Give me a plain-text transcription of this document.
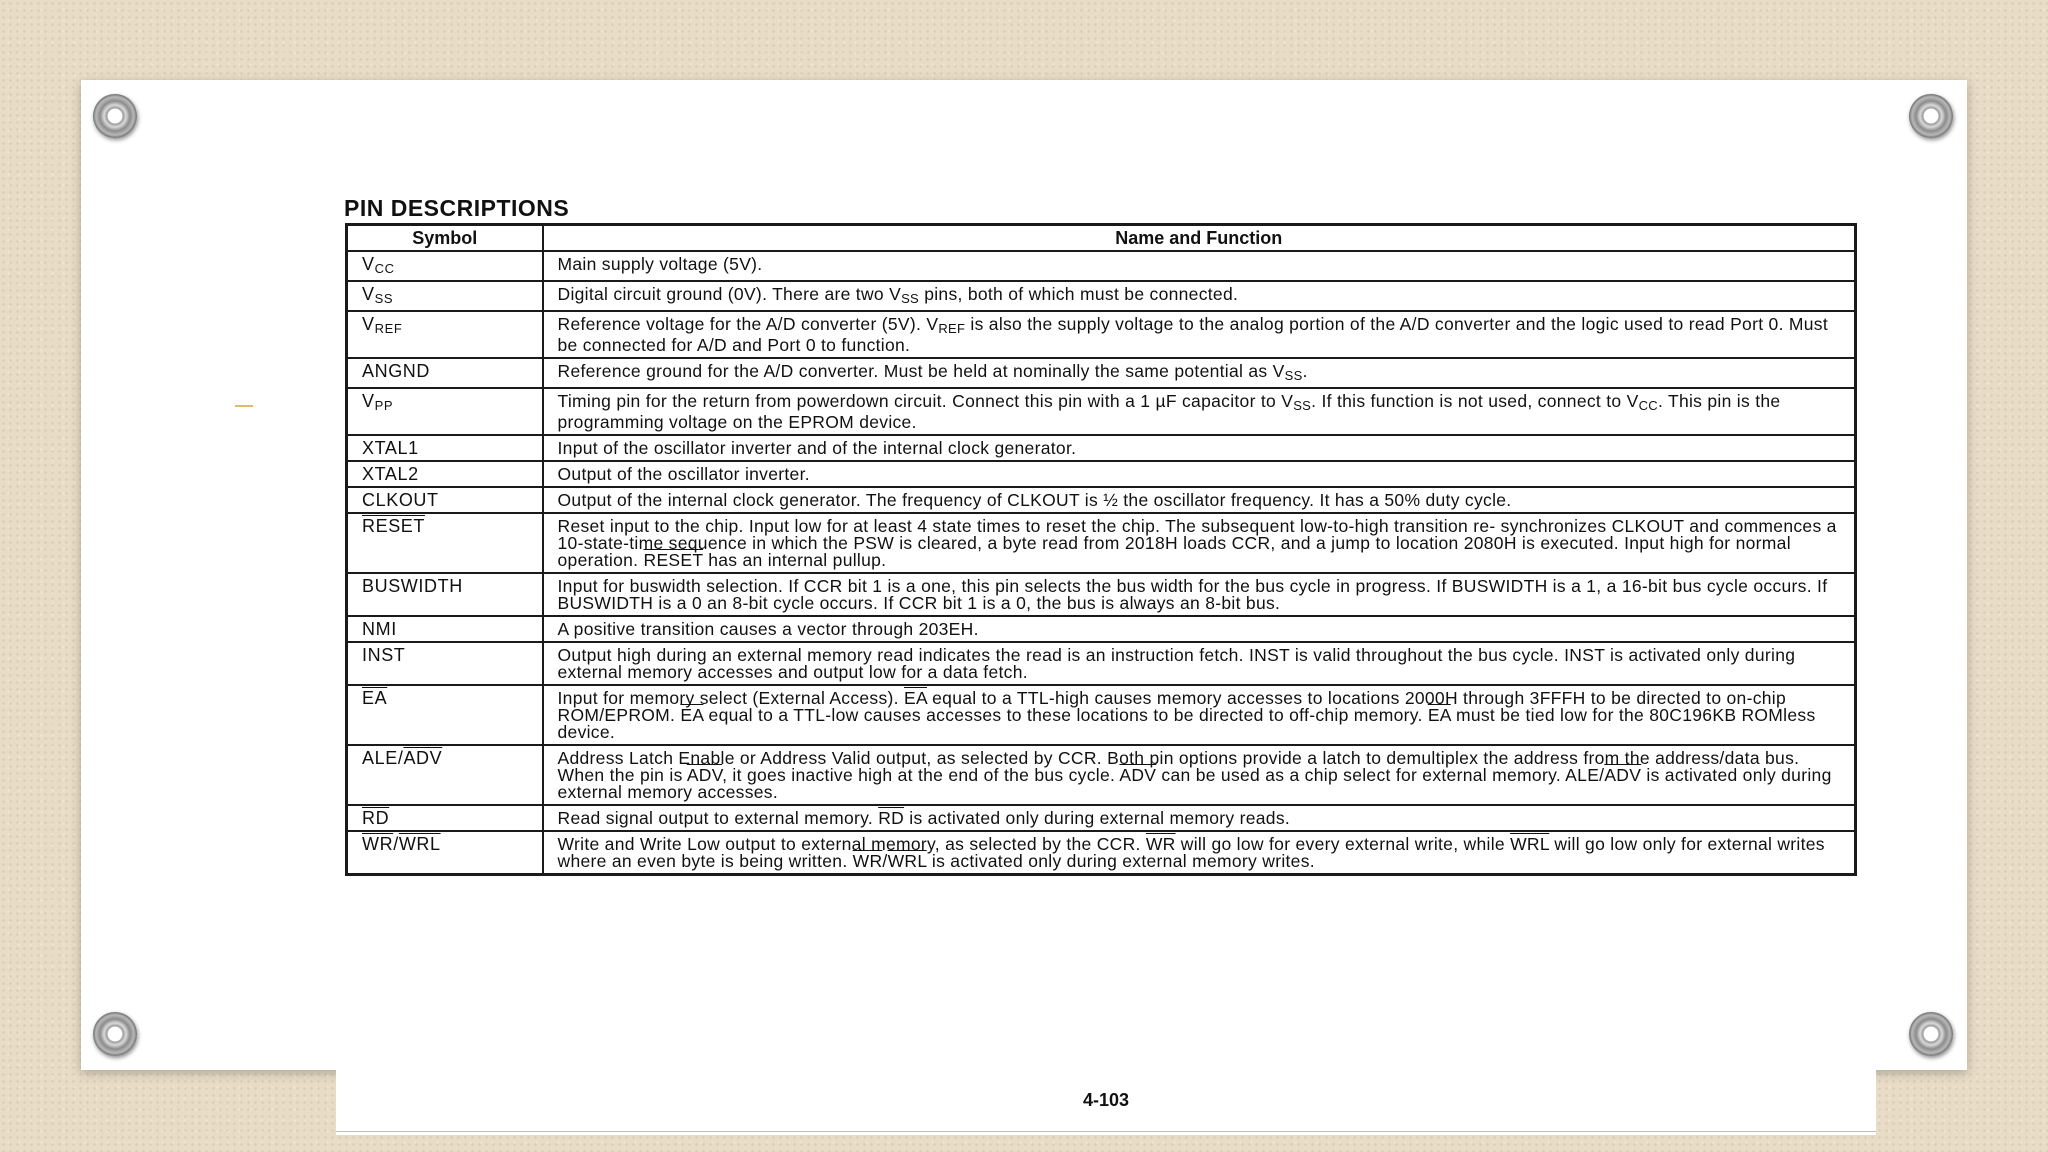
PIN DESCRIPTIONS
Symbol	Name and Function
$V_{CC}$	Main supply voltage (5V).
$V_{SS}$	Digital circuit ground (0V). There are two $V_{SS}$ pins, both of which must be connected.
$V_{REF}$	Reference voltage for the A/D converter (5V). $V_{REF}$ is also the supply voltage to the analog portion of the A/D converter and the logic used to read Port 0. Must be connected for A/D and Port 0 to function.
ANGND	Reference ground for the A/D converter. Must be held at nominally the same potential as $V_{SS}$.
$V_{PP}$	Timing pin for the return from powerdown circuit. Connect this pin with a 1 µF capacitor to $V_{SS}$. If this function is not used, connect to $V_{CC}$. This pin is the programming voltage on the EPROM device.
XTAL1	Input of the oscillator inverter and of the internal clock generator.
XTAL2	Output of the oscillator inverter.
CLKOUT	Output of the internal clock generator. The frequency of CLKOUT is ½ the oscillator frequency. It has a 50% duty cycle.
RESET	Reset input to the chip. Input low for at least 4 state times to reset the chip. The subsequent low-to-high transition re- synchronizes CLKOUT and commences a 10-state-time sequence in which the PSW is cleared, a byte read from 2018H loads CCR, and a jump to location 2080H is executed. Input high for normal operation. RESET has an internal pullup.
BUSWIDTH	Input for buswidth selection. If CCR bit 1 is a one, this pin selects the bus width for the bus cycle in progress. If BUSWIDTH is a 1, a 16-bit bus cycle occurs. If BUSWIDTH is a 0 an 8-bit cycle occurs. If CCR bit 1 is a 0, the bus is always an 8-bit bus.
NMI	A positive transition causes a vector through 203EH.
INST	Output high during an external memory read indicates the read is an instruction fetch. INST is valid throughout the bus cycle. INST is activated only during external memory accesses and output low for a data fetch.
$\overline{EA}$	Input for memory select (External Access). $\overline{EA}$ equal to a TTL-high causes memory accesses to locations 2000H through 3FFFH to be directed to on-chip ROM/EPROM. $\overline{EA}$ equal to a TTL-low causes accesses to these locations to be directed to off-chip memory. $\overline{EA}$ must be tied low for the 80C196KB ROMless device.
ALE/$\overline{ADV}$	Address Latch Enable or Address Valid output, as selected by CCR. Both pin options provide a latch to demultiplex the address from the address/data bus. When the pin is $\overline{ADV}$, it goes inactive high at the end of the bus cycle. $\overline{ADV}$ can be used as a chip select for external memory. ALE/$\overline{ADV}$ is activated only during external memory accesses.
$\overline{RD}$	Read signal output to external memory. $\overline{RD}$ is activated only during external memory reads.
$\overline{WR}/\overline{WRL}$	Write and Write Low output to external memory, as selected by the CCR. $\overline{WR}$ will go low for every external write, while $\overline{WRL}$ will go low only for external writes where an even byte is being written. $\overline{WR}/\overline{WRL}$ is activated only during external memory writes.
4-103
